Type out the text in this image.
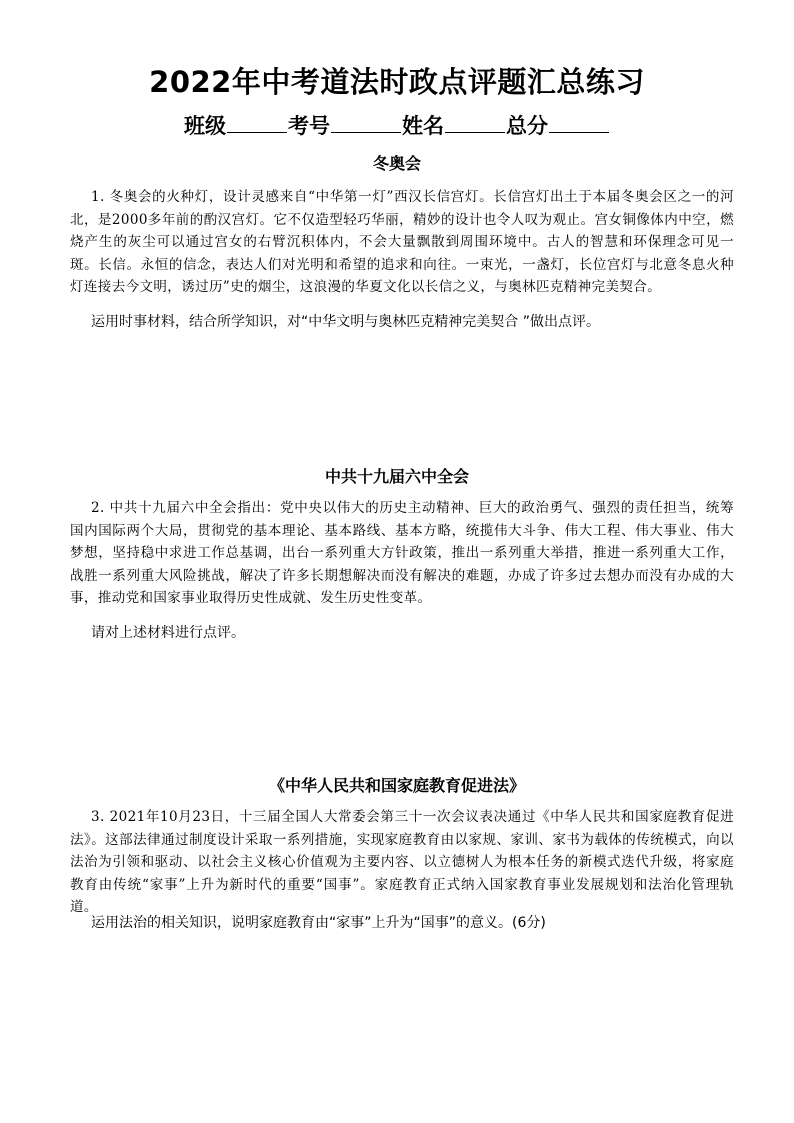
2022年中考道法时政点评题汇总练习
班级	考号	姓名	总分
冬奥会

1. 冬奥会的火种灯，设计灵感来自“中华第一灯”西汉长信宫灯。长信宫灯出土于本届冬奥会区之一的河北，是2000多年前的酌汉宫灯。它不仅造型轻巧华丽，精妙的设计也令人叹为观止。宫女铜像体内中空，燃烧产生的灰尘可以通过宫女的右臂沉积体内，不会大量飘散到周围环境中。古人的智慧和环保理念可见一斑。长信。永恒的信念，表达人们对光明和希望的追求和向往。一束光，一盏灯，长位宫灯与北意冬息火种灯连接去今文明，诱过历”史的烟尘，这浪漫的华夏文化以长信之义，与奥林匹克精神完美契合。

运用时事材料，结合所学知识，对“中华文明与奥林匹克精神完美契合 ”做出点评。

中共十九届六中全会

2. 中共十九届六中全会指出：党中央以伟大的历史主动精神、巨大的政治勇气、强烈的责任担当，统筹国内国际两个大局，贯彻党的基本理论、基本路线、基本方略，统揽伟大斗争、伟大工程、伟大事业、伟大梦想，坚持稳中求进工作总基调，出台一系列重大方针政策，推出一系列重大举措，推进一系列重大工作，战胜一系列重大风险挑战，解决了许多长期想解决而没有解决的难题，办成了许多过去想办而没有办成的大事，推动党和国家事业取得历史性成就、发生历史性变革。

请对上述材料进行点评。

《中华人民共和国家庭教育促进法》

3. 2021年10月23日，十三届全国人大常委会第三十一次会议表决通过《中华人民共和国家庭教育促进法》。这部法律通过制度设计采取一系列措施，实现家庭教育由以家规、家训、家书为载体的传统模式，向以法治为引领和驱动、以社会主义核心价值观为主要内容、以立德树人为根本任务的新模式迭代升级，将家庭教育由传统“家事”上升为新时代的重要“国事”。家庭教育正式纳入国家教育事业发展规划和法治化管理轨道。

运用法治的相关知识，说明家庭教育由“家事”上升为“国事”的意义。(6分)
